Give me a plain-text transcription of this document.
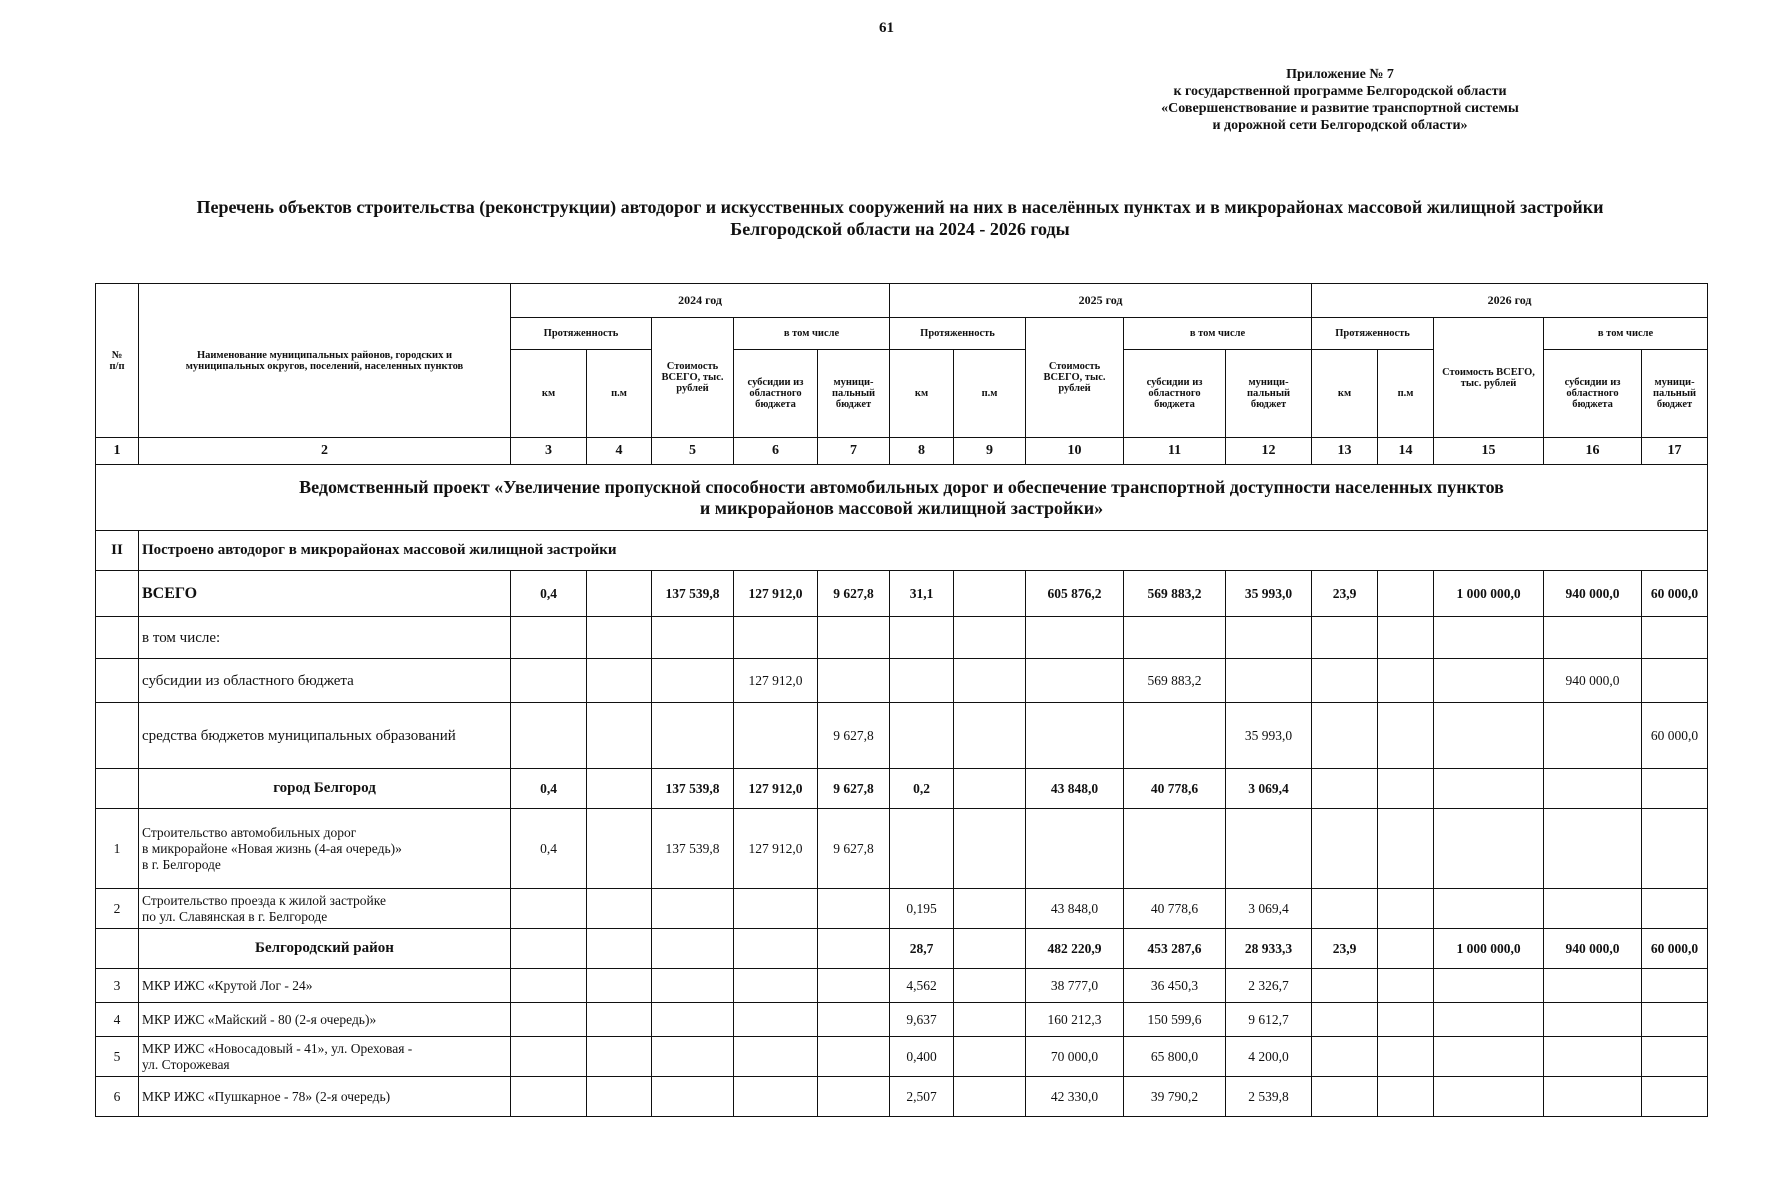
61
Приложение № 7
к государственной программе Белгородской области
«Совершенствование и развитие транспортной системы
и дорожной сети Белгородской области»
Перечень объектов строительства (реконструкции) автодорог и искусственных сооружений на них в населённых пунктах и в микрорайонах массовой жилищной застройки
Белгородской области на 2024 - 2026 годы
№
п/п	Наименование муниципальных районов, городских и муниципальных округов, поселений, населенных пунктов	2024 год					2025 год					2026 год				
		Протяженность		Стоимость ВСЕГО, тыс. рублей	в том числе		Протяженность		Стоимость ВСЕГО, тыс. рублей	в том числе		Протяженность		Стоимость ВСЕГО, тыс. рублей	в том числе	
		км	п.м		субсидии из областного бюджета	муници-пальный бюджет	км	п.м		субсидии из областного бюджета	муници-пальный бюджет	км	п.м		субсидии из областного бюджета	муници-пальный бюджет
1	2	3	4	5	6	7	8	9	10	11	12	13	14	15	16	17

Ведомственный проект «Увеличение пропускной способности автомобильных дорог и обеспечение транспортной доступности населенных пунктов
и микрорайонов массовой жилищной застройки»																

II	Построено автодорог в микрорайонах массовой жилищной застройки															
	ВСЕГО	0,4		137 539,8	127 912,0	9 627,8	31,1		605 876,2	569 883,2	35 993,0	23,9		1 000 000,0	940 000,0	60 000,0
	в том числе:															
	субсидии из областного бюджета				127 912,0					569 883,2					940 000,0	
	средства бюджетов муниципальных образований					9 627,8					35 993,0					60 000,0
	город Белгород	0,4		137 539,8	127 912,0	9 627,8	0,2		43 848,0	40 778,6	3 069,4					
1	Строительство автомобильных дорог
в микрорайоне «Новая жизнь (4-ая очередь)»
в г. Белгороде	0,4		137 539,8	127 912,0	9 627,8										
2	Строительство проезда к жилой застройке
по ул. Славянская в г. Белгороде						0,195		43 848,0	40 778,6	3 069,4					
	Белгородский район						28,7		482 220,9	453 287,6	28 933,3	23,9		1 000 000,0	940 000,0	60 000,0
3	МКР ИЖС «Крутой Лог - 24»						4,562		38 777,0	36 450,3	2 326,7					
4	МКР ИЖС «Майский - 80 (2-я очередь)»						9,637		160 212,3	150 599,6	9 612,7					
5	МКР ИЖС «Новосадовый - 41», ул. Ореховая -
ул. Сторожевая						0,400		70 000,0	65 800,0	4 200,0					
6	МКР ИЖС «Пушкарное - 78» (2-я очередь)						2,507		42 330,0	39 790,2	2 539,8					
